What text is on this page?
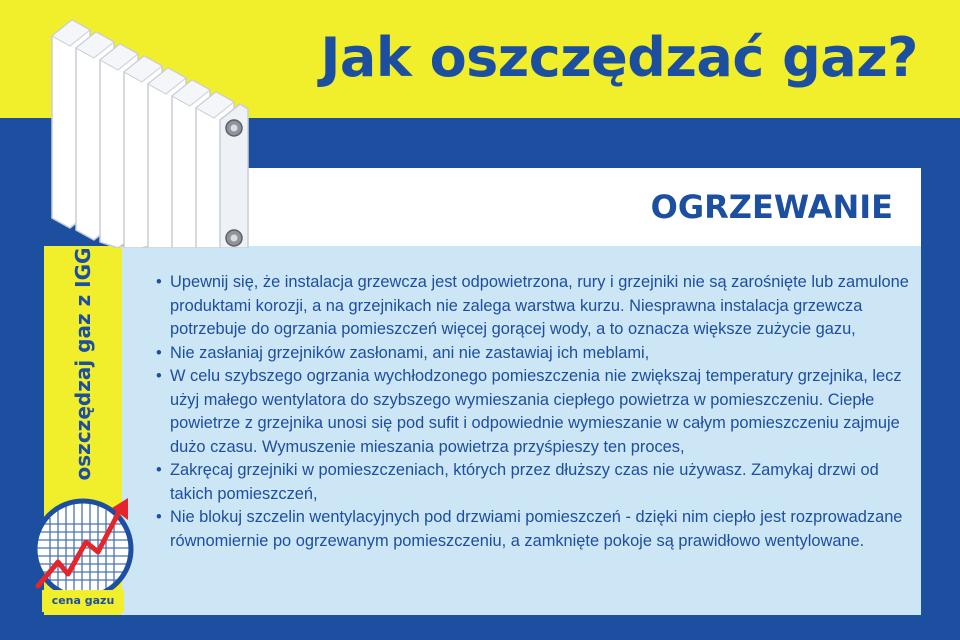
Jak oszczędzać gaz?
OGRZEWANIE
• Upewnij się, że instalacja grzewcza jest odpowietrzona, rury i grzejniki nie są zarośnięte lub zamulone produktami korozji, a na grzejnikach nie zalega warstwa kurzu. Niesprawna instalacja grzewcza potrzebuje do ogrzania pomieszczeń więcej gorącej wody, a to oznacza większe zużycie gazu,
• Nie zasłaniaj grzejników zasłonami, ani nie zastawiaj ich meblami,
• W celu szybszego ogrzania wychłodzonego pomieszczenia nie zwiększaj temperatury grzejnika, lecz użyj małego wentylatora do szybszego wymieszania ciepłego powietrza w pomieszczeniu. Ciepłe powietrze z grzejnika unosi się pod sufit i odpowiednie wymieszanie w całym pomieszczeniu zajmuje dużo czasu. Wymuszenie mieszania powietrza przyśpieszy ten proces,
• Zakręcaj grzejniki w pomieszczeniach, których przez dłuższy czas nie używasz. Zamykaj drzwi od takich pomieszczeń,
• Nie blokuj szczelin wentylacyjnych pod drzwiami pomieszczeń - dzięki nim ciepło jest rozprowadzane równomiernie po ogrzewanym pomieszczeniu, a zamknięte pokoje są prawidłowo wentylowane.

oszczędzaj gaz z IGG

cena gazu
